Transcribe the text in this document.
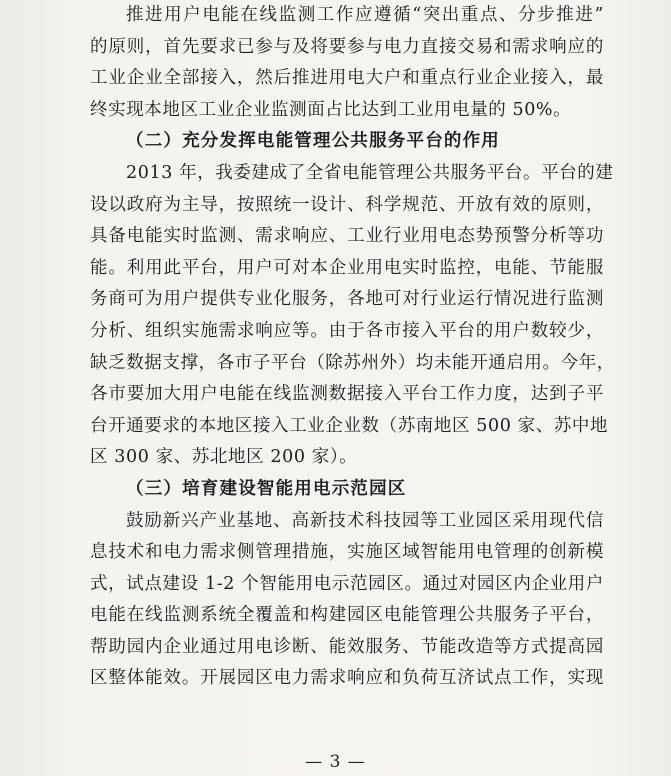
推进用户电能在线监测工作应遵循“突出重点、分步推进”
的原则，首先要求已参与及将要参与电力直接交易和需求响应的
工业企业全部接入，然后推进用电大户和重点行业企业接入，最
终实现本地区工业企业监测面占比达到工业用电量的 50%。
（二）充分发挥电能管理公共服务平台的作用
2013 年，我委建成了全省电能管理公共服务平台。平台的建
设以政府为主导，按照统一设计、科学规范、开放有效的原则，
具备电能实时监测、需求响应、工业行业用电态势预警分析等功
能。利用此平台，用户可对本企业用电实时监控，电能、节能服
务商可为用户提供专业化服务，各地可对行业运行情况进行监测
分析、组织实施需求响应等。由于各市接入平台的用户数较少，
缺乏数据支撑，各市子平台（除苏州外）均未能开通启用。今年，
各市要加大用户电能在线监测数据接入平台工作力度，达到子平
台开通要求的本地区接入工业企业数（苏南地区 500 家、苏中地
区 300 家、苏北地区 200 家）。
（三）培育建设智能用电示范园区
鼓励新兴产业基地、高新技术科技园等工业园区采用现代信
息技术和电力需求侧管理措施，实施区域智能用电管理的创新模
式，试点建设 1-2 个智能用电示范园区。通过对园区内企业用户
电能在线监测系统全覆盖和构建园区电能管理公共服务子平台，
帮助园内企业通过用电诊断、能效服务、节能改造等方式提高园
区整体能效。开展园区电力需求响应和负荷互济试点工作，实现
— 3 —
